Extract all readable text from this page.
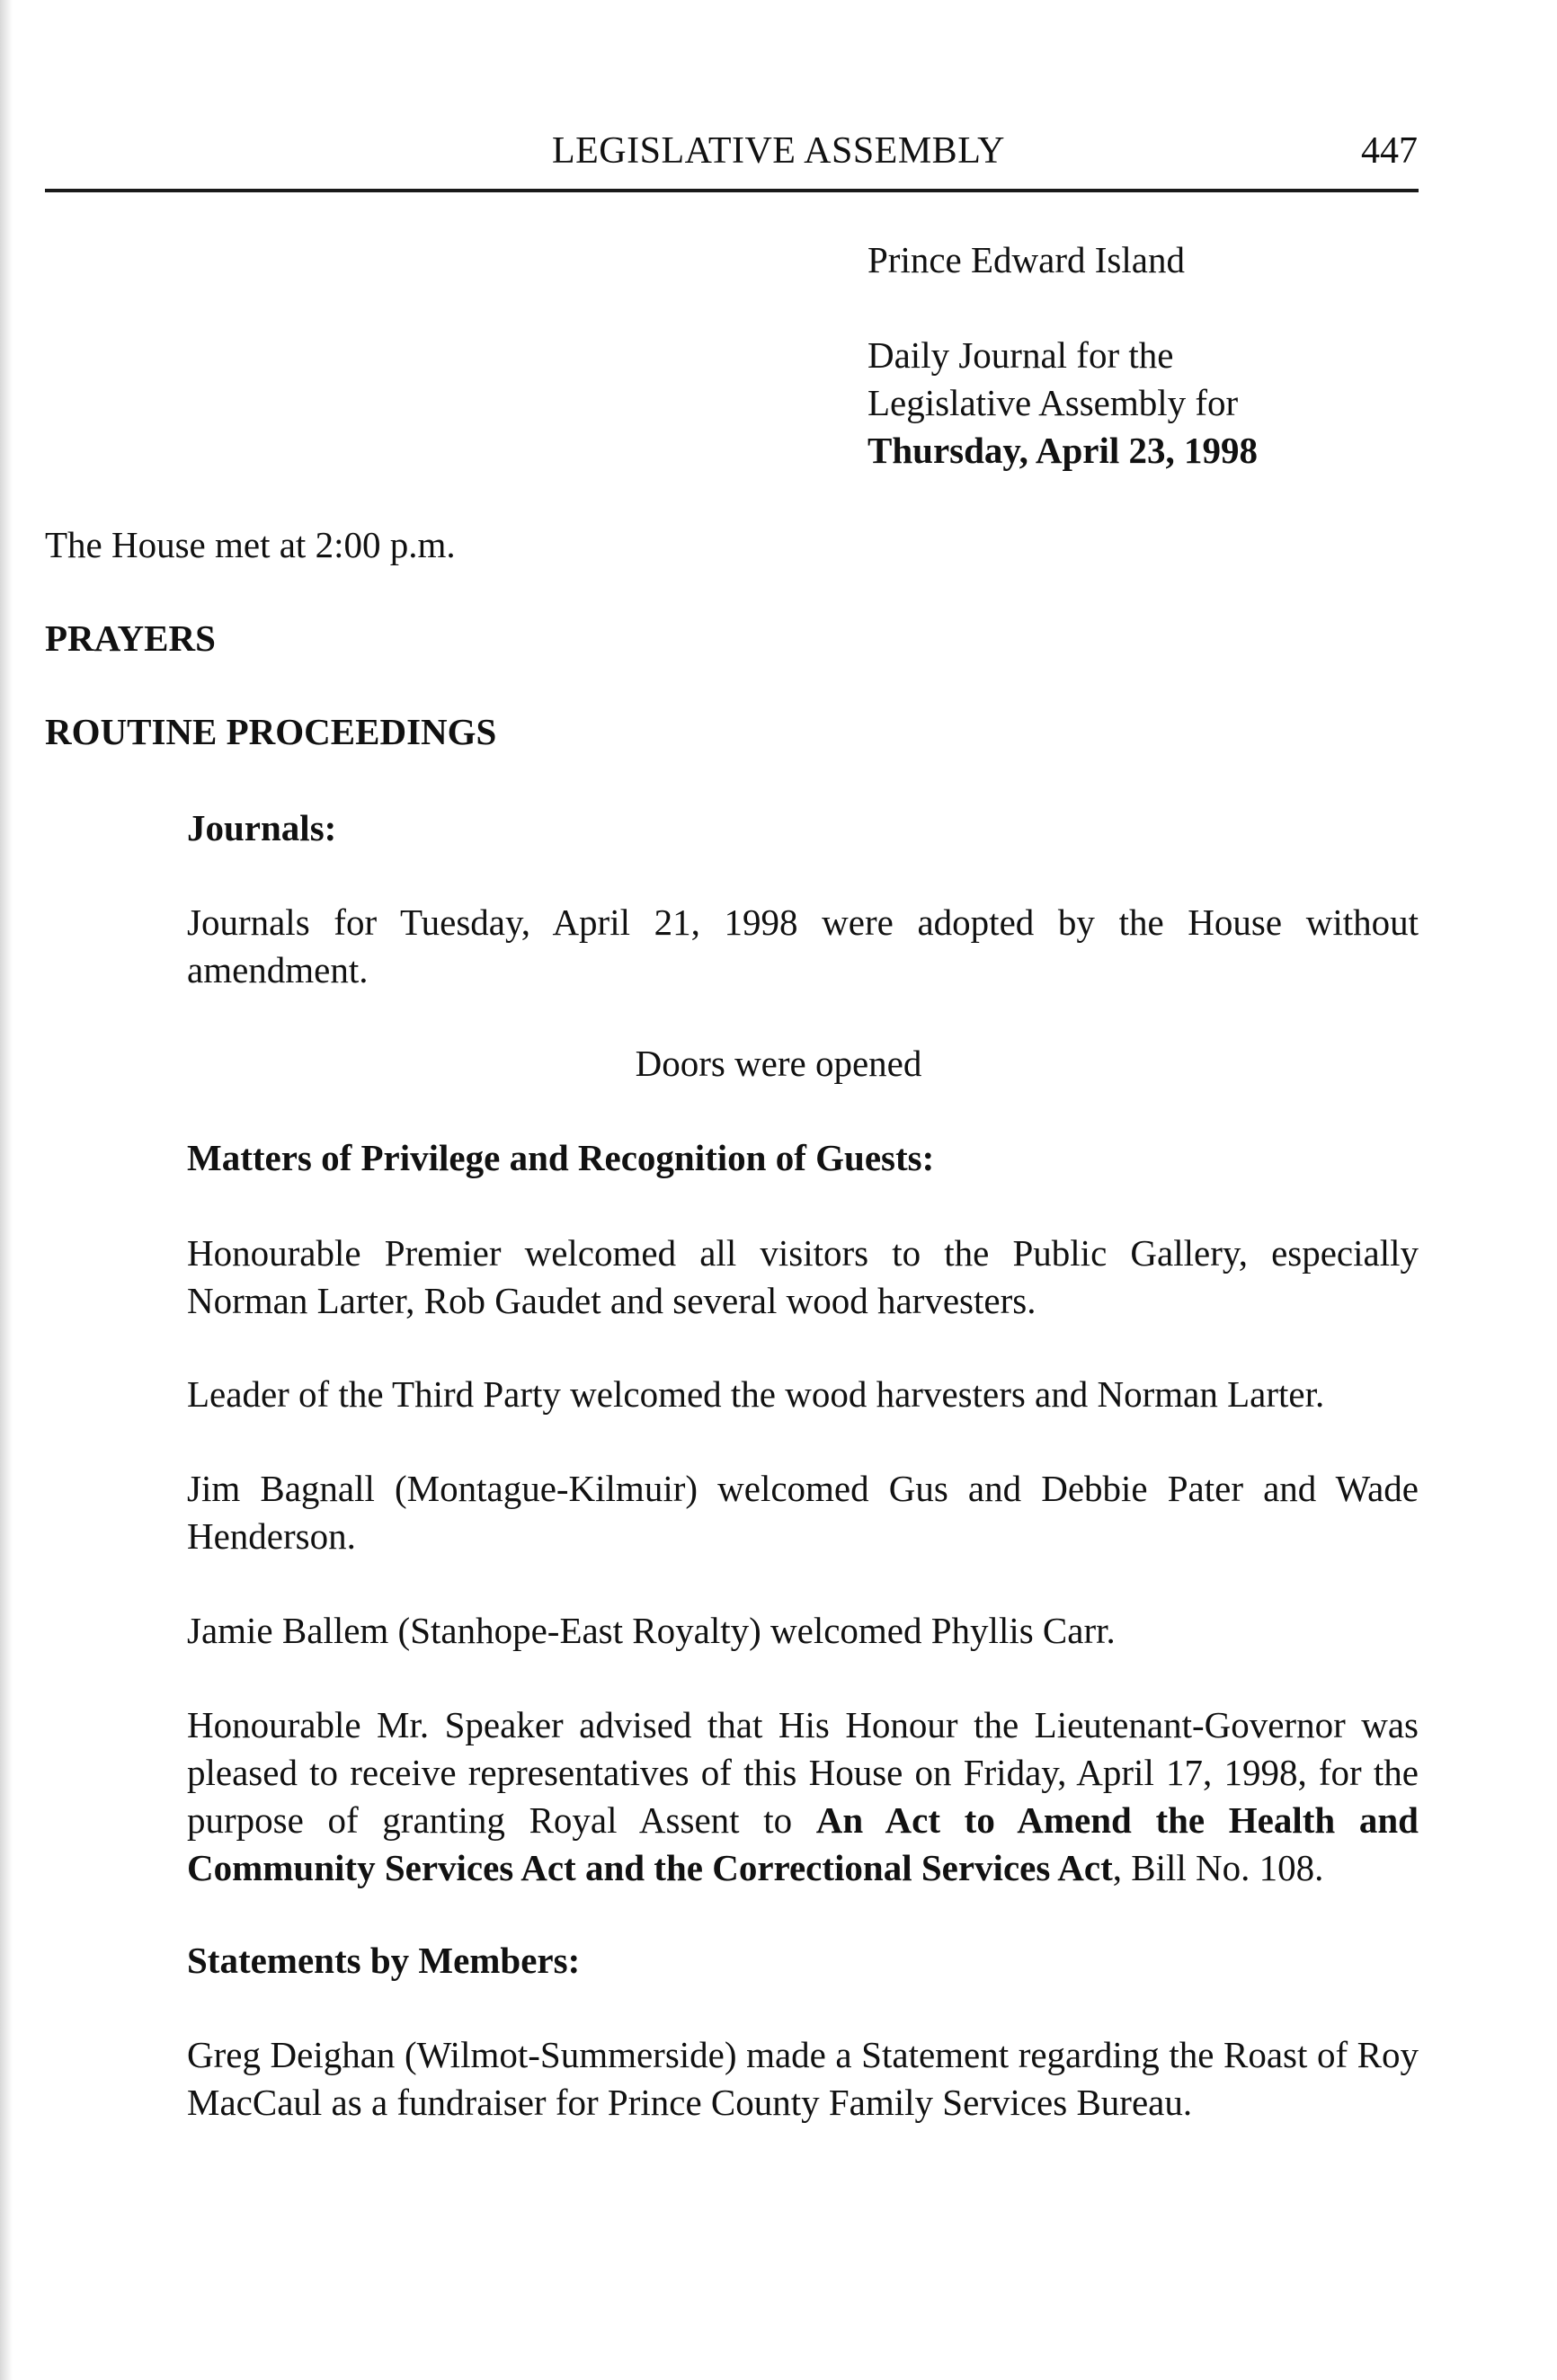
LEGISLATIVE ASSEMBLY	447
Prince Edward Island
Daily Journal for the
Legislative Assembly for
Thursday, April 23, 1998
The House met at 2:00 p.m.
PRAYERS
ROUTINE PROCEEDINGS
Journals:

Journals for Tuesday, April 21, 1998 were adopted by the House without amendment.

Doors were opened
Matters of Privilege and Recognition of Guests:

Honourable Premier welcomed all visitors to the Public Gallery, especially Norman Larter, Rob Gaudet and several wood harvesters.

Leader of the Third Party welcomed the wood harvesters and Norman Larter.

Jim Bagnall (Montague-Kilmuir) welcomed Gus and Debbie Pater and Wade Henderson.

Jamie Ballem (Stanhope-East Royalty) welcomed Phyllis Carr.

Honourable Mr. Speaker advised that His Honour the Lieutenant-Governor was pleased to receive representatives of this House on Friday, April 17, 1998, for the purpose of granting Royal Assent to An Act to Amend the Health and Community Services Act and the Correctional Services Act, Bill No. 108.

Statements by Members:

Greg Deighan (Wilmot-Summerside) made a Statement regarding the Roast of Roy MacCaul as a fundraiser for Prince County Family Services Bureau.
